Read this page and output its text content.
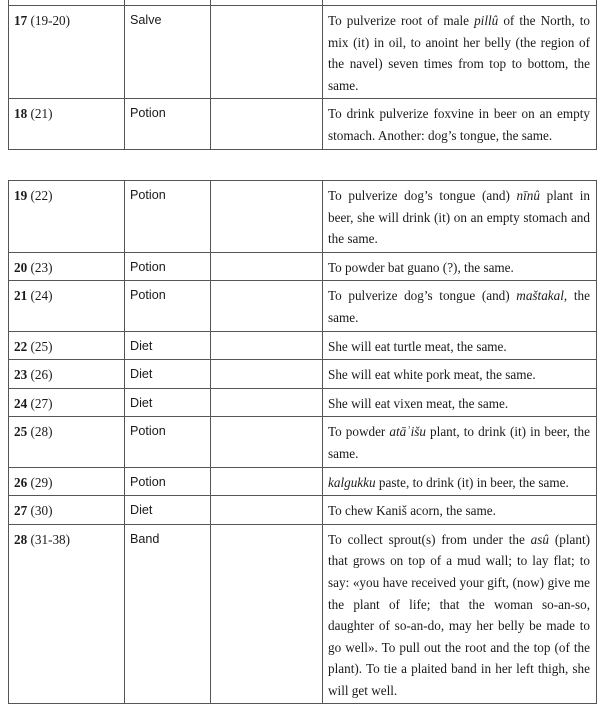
17 (19-20)	Salve		To pulverize root of male pillû of the North, to mix (it) in oil, to anoint her belly (the region of the navel) seven times from top to bottom, the same.
18 (21)	Potion		To drink pulverize foxvine in beer on an empty stomach. Another: dog’s tongue, the same.
19 (22)	Potion		To pulverize dog’s tongue (and) nīnû plant in beer, she will drink (it) on an empty stomach and the same.
20 (23)	Potion		To powder bat guano (?), the same.
21 (24)	Potion		To pulverize dog’s tongue (and) maštakal, the same.
22 (25)	Diet		She will eat turtle meat, the same.
23 (26)	Diet		She will eat white pork meat, the same.
24 (27)	Diet		She will eat vixen meat, the same.
25 (28)	Potion		To powder atāʾišu plant, to drink (it) in beer, the same.
26 (29)	Potion		kalgukku paste, to drink (it) in beer, the same.
27 (30)	Diet		To chew Kaniš acorn, the same.
28 (31-38)	Band		To collect sprout(s) from under the asû (plant) that grows on top of a mud wall; to lay flat; to say: «you have received your gift, (now) give me the plant of life; that the woman so-an-so, daughter of so-an-do, may her belly be made to go well». To pull out the root and the top (of the plant). To tie a plaited band in her left thigh, she will get well.
